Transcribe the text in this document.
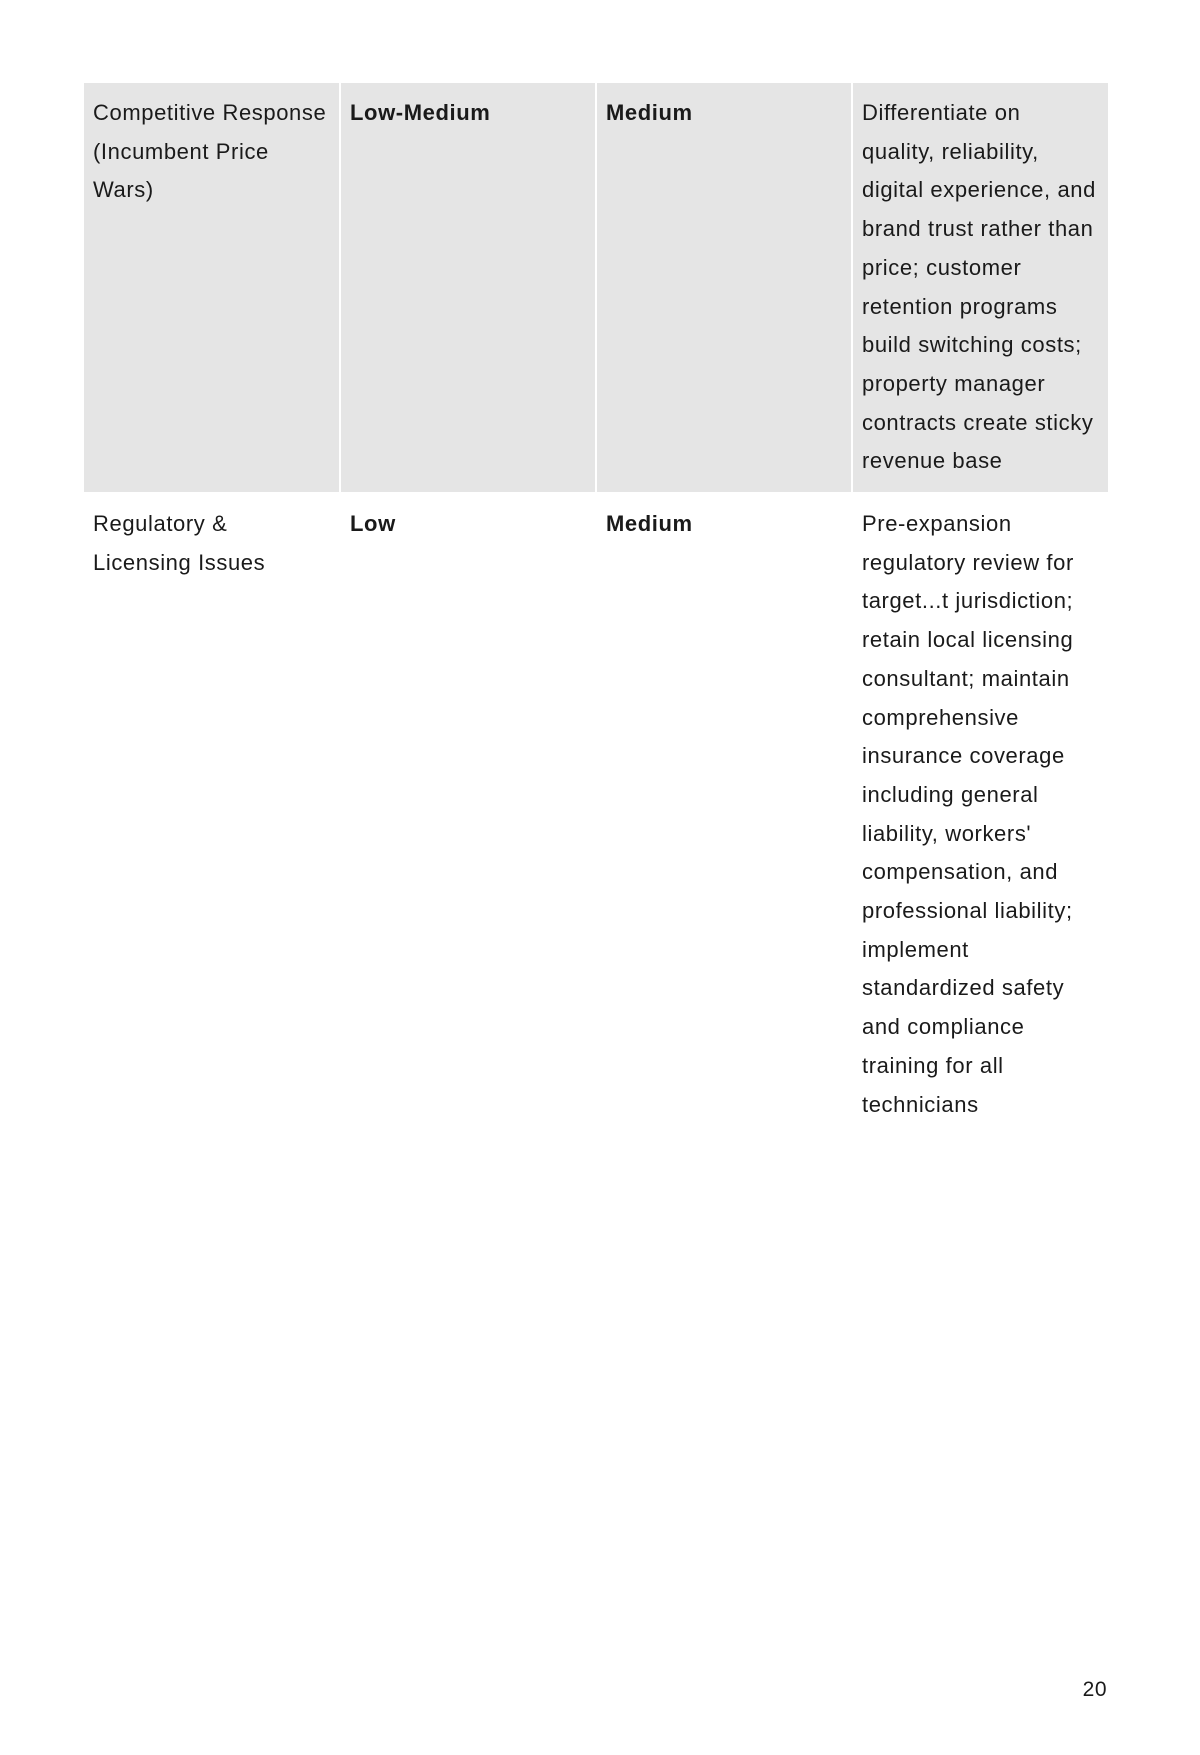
Competitive Response (Incumbent Price Wars)	Low-Medium	Medium	Differentiate on quality, reliability, digital experience, and brand trust rather than price; customer retention programs build switching costs; property manager contracts create sticky revenue base
Regulatory & Licensing Issues	Low	Medium	Pre-expansion regulatory review for target...t jurisdiction; retain local licensing consultant; maintain comprehensive insurance coverage including general liability, workers' compensation, and professional liability; implement standardized safety and compliance training for all technicians
20
